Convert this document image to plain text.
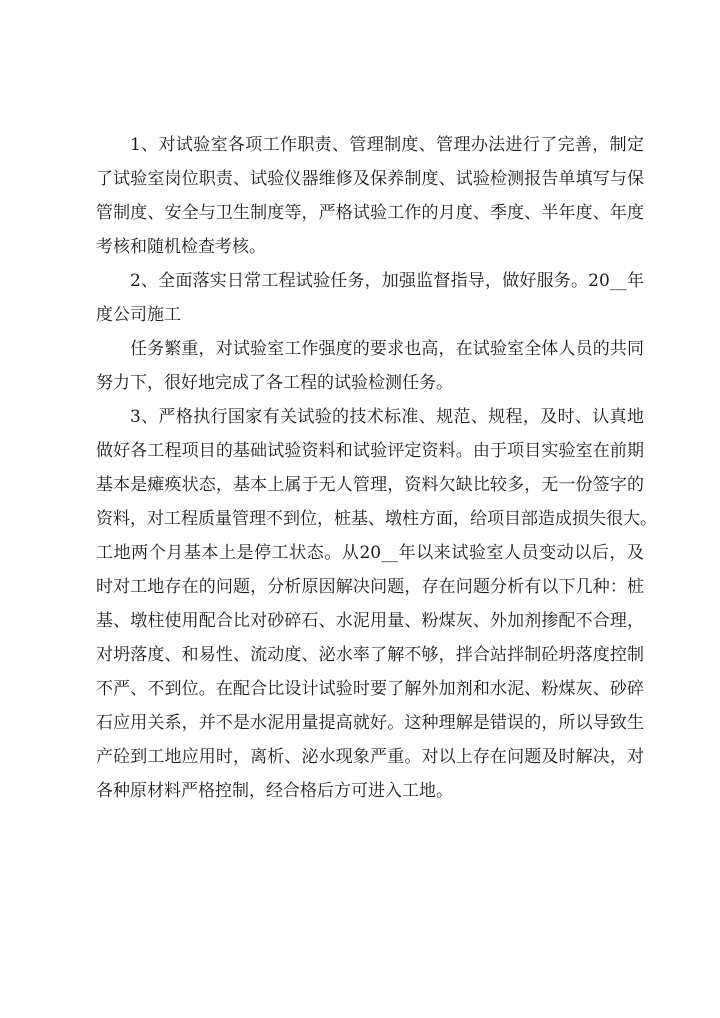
1、对试验室各项工作职责、管理制度、管理办法进行了完善，制定
了试验室岗位职责、试验仪器维修及保养制度、试验检测报告单填写与保
管制度、安全与卫生制度等，严格试验工作的月度、季度、半年度、年度
考核和随机检查考核。
2、全面落实日常工程试验任务，加强监督指导，做好服务。20__年
度公司施工
任务繁重，对试验室工作强度的要求也高，在试验室全体人员的共同
努力下，很好地完成了各工程的试验检测任务。
3、严格执行国家有关试验的技术标准、规范、规程，及时、认真地
做好各工程项目的基础试验资料和试验评定资料。由于项目实验室在前期
基本是瘫痪状态，基本上属于无人管理，资料欠缺比较多，无一份签字的
资料，对工程质量管理不到位，桩基、墩柱方面，给项目部造成损失很大。
工地两个月基本上是停工状态。从20__年以来试验室人员变动以后，及
时对工地存在的问题，分析原因解决问题，存在问题分析有以下几种：桩
基、墩柱使用配合比对砂碎石、水泥用量、粉煤灰、外加剂掺配不合理，
对坍落度、和易性、流动度、泌水率了解不够，拌合站拌制砼坍落度控制
不严、不到位。在配合比设计试验时要了解外加剂和水泥、粉煤灰、砂碎
石应用关系，并不是水泥用量提高就好。这种理解是错误的，所以导致生
产砼到工地应用时，离析、泌水现象严重。对以上存在问题及时解决，对
各种原材料严格控制，经合格后方可进入工地。
